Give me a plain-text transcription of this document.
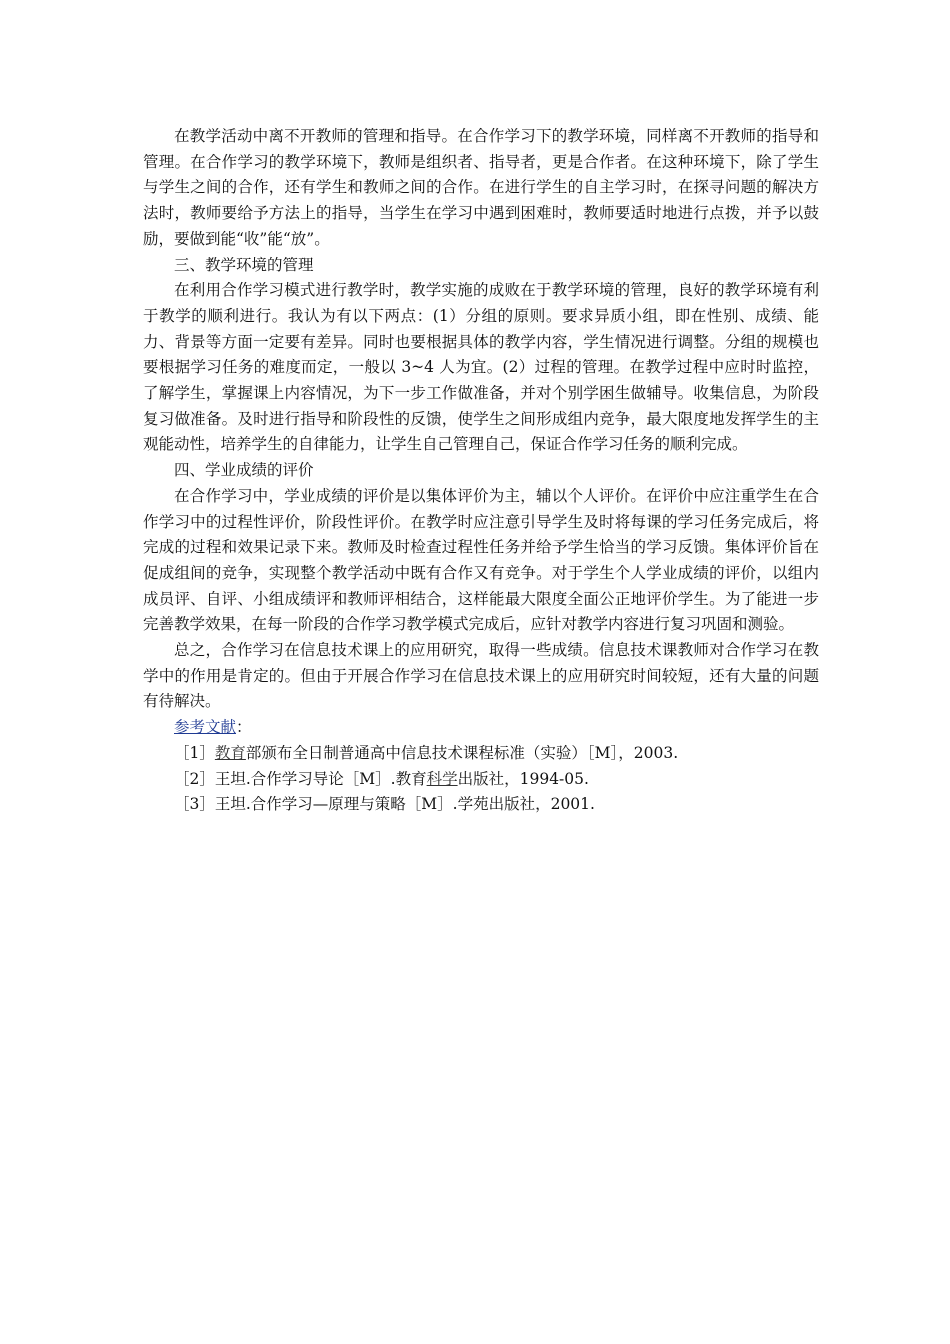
在教学活动中离不开教师的管理和指导。在合作学习下的教学环境，同样离不开教师的指导和管理。在合作学习的教学环境下，教师是组织者、指导者，更是合作者。在这种环境下，除了学生与学生之间的合作，还有学生和教师之间的合作。在进行学生的自主学习时，在探寻问题的解决方法时，教师要给予方法上的指导，当学生在学习中遇到困难时，教师要适时地进行点拨，并予以鼓励，要做到能“收”能“放”。

三、教学环境的管理

在利用合作学习模式进行教学时，教学实施的成败在于教学环境的管理，良好的教学环境有利于教学的顺利进行。我认为有以下两点：(1）分组的原则。要求异质小组，即在性别、成绩、能力、背景等方面一定要有差异。同时也要根据具体的教学内容，学生情况进行调整。分组的规模也要根据学习任务的难度而定，一般以 3~4 人为宜。(2）过程的管理。在教学过程中应时时监控，了解学生，掌握课上内容情况，为下一步工作做准备，并对个别学困生做辅导。收集信息，为阶段复习做准备。及时进行指导和阶段性的反馈，使学生之间形成组内竞争，最大限度地发挥学生的主观能动性，培养学生的自律能力，让学生自己管理自己，保证合作学习任务的顺利完成。

四、学业成绩的评价

在合作学习中，学业成绩的评价是以集体评价为主，辅以个人评价。在评价中应注重学生在合作学习中的过程性评价，阶段性评价。在教学时应注意引导学生及时将每课的学习任务完成后，将完成的过程和效果记录下来。教师及时检查过程性任务并给予学生恰当的学习反馈。集体评价旨在促成组间的竞争，实现整个教学活动中既有合作又有竞争。对于学生个人学业成绩的评价，以组内成员评、自评、小组成绩评和教师评相结合，这样能最大限度全面公正地评价学生。为了能进一步完善教学效果，在每一阶段的合作学习教学模式完成后，应针对教学内容进行复习巩固和测验。

总之，合作学习在信息技术课上的应用研究，取得一些成绩。信息技术课教师对合作学习在教学中的作用是肯定的。但由于开展合作学习在信息技术课上的应用研究时间较短，还有大量的问题有待解决。

参考文献：

［1］教育部颁布全日制普通高中信息技术课程标准（实验）［M］，2003.

［2］王坦.合作学习导论［M］.教育科学出版社，1994-05.

［3］王坦.合作学习—原理与策略［M］.学苑出版社，2001.
